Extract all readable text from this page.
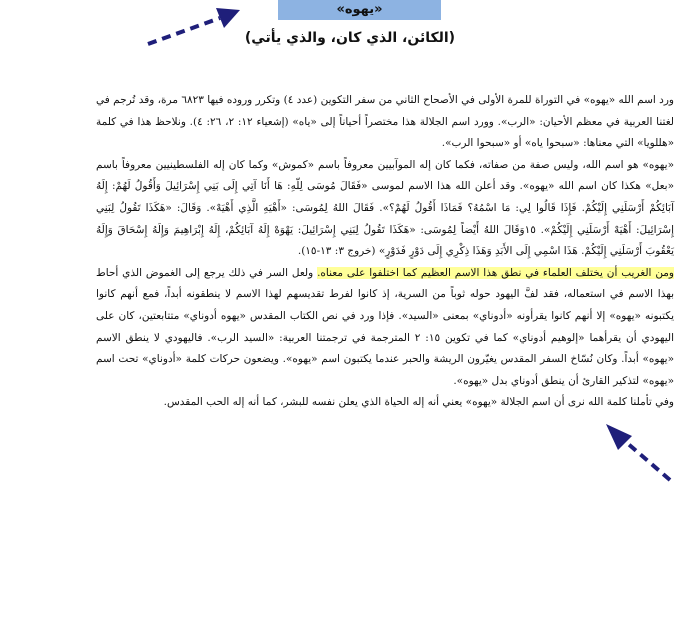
«يهوه»
(الكائن، الذي كان، والذي يأتي)

ورد اسم الله «يهوه» في التوراة للمرة الأولى في الأصحاح الثاني من سفر التكوين (عدد ٤) وتكرر وروده فيها ٦٨٢٣ مرة، وقد تُرجم في لغتنا العربية في معظم الأحيان: «الرب». وورد اسم الجلالة هذا مختصراً أحياناً إلى «ياه» (إشعياء ١٢: ٢، ٢٦: ٤). ونلاحظ هذا في كلمة «هللويا» التي معناها: «سبحوا ياه» أو «سبحوا الرب».

«يهوه» هو اسم الله، وليس صفة من صفاته، فكما كان إله الموآبيين معروفاً باسم «كموش» وكما كان إله الفلسطينيين معروفاً باسم «بعل» هكذا كان اسم الله «يهوه». وقد أعلن الله هذا الاسم لموسى «فَقَالَ مُوسَى لِلّهِ: هَا أَنَا آتِي إِلَى بَنِي إِسْرَائِيلَ وَأَقُولُ لَهُمْ: إِلَهُ آبَائِكُمْ أَرْسَلَنِي إِلَيْكُمْ. فَإِذَا قَالُوا لِي: مَا اسْمُهُ؟ فَمَاذَا أَقُولُ لَهُمْ؟». فَقَالَ اللهُ لِمُوسَى: «أَهْيَهِ الَّذِي أَهْيَهْ». وَقَالَ: «هَكَذَا تَقُولُ لِبَنِي إِسْرَائِيلَ: أَهْيَهْ أَرْسَلَنِي إِلَيْكُمْ». ١٥وَقَالَ اللهُ أَيْضاً لِمُوسَى: «هَكَذَا تَقُولُ لِبَنِي إِسْرَائِيلَ: يَهْوَهْ إِلَهُ آبَائِكُمْ، إِلَهُ إِبْرَاهِيمَ وَإِلَهُ إِسْحَاقَ وَإِلَهُ يَعْقُوبَ أَرْسَلَنِي إِلَيْكُمْ. هَذَا اسْمِي إِلَى الأَبَدِ وَهَذَا ذِكْرِي إِلَى دَوْرٍ فَدَوْرٍ» (خروج ٣: ١٣-١٥).

ومن الغريب أن يختلف العلماء في نطق هذا الاسم العظيم كما اختلفوا على معناه. ولعل السر في ذلك يرجع إلى الغموض الذي أحاط بهذا الاسم في استعماله، فقد لفَّ اليهود حوله ثوباً من السرية، إذ كانوا لفرط تقديسهم لهذا الاسم لا ينطقونه أبداً، فمع أنهم كانوا يكتبونه «يهوه» إلا أنهم كانوا يقرأونه «أدوناي» بمعنى «السيد». فإذا ورد في نص الكتاب المقدس «يهوه أدوناي» متتابعتين، كان على اليهودي أن يقرأهما «إلوهيم أدوناي» كما في تكوين ١٥: ٢ المترجمة في ترجمتنا العربية: «السيد الرب». فاليهودي لا ينطق الاسم «يهوه» أبداً. وكان نُسّاخ السفر المقدس يغيّرون الريشة والحبر عندما يكتبون اسم «يهوه». ويضعون حركات كلمة «أدوناي» تحت اسم «يهوه» لتذكير القارئ أن ينطق أدوناي بدل «يهوه».

وفي تأملنا كلمة الله نرى أن اسم الجلالة «يهوه» يعني أنه إله الحياة الذي يعلن نفسه للبشر، كما أنه إله الحب المقدس.
